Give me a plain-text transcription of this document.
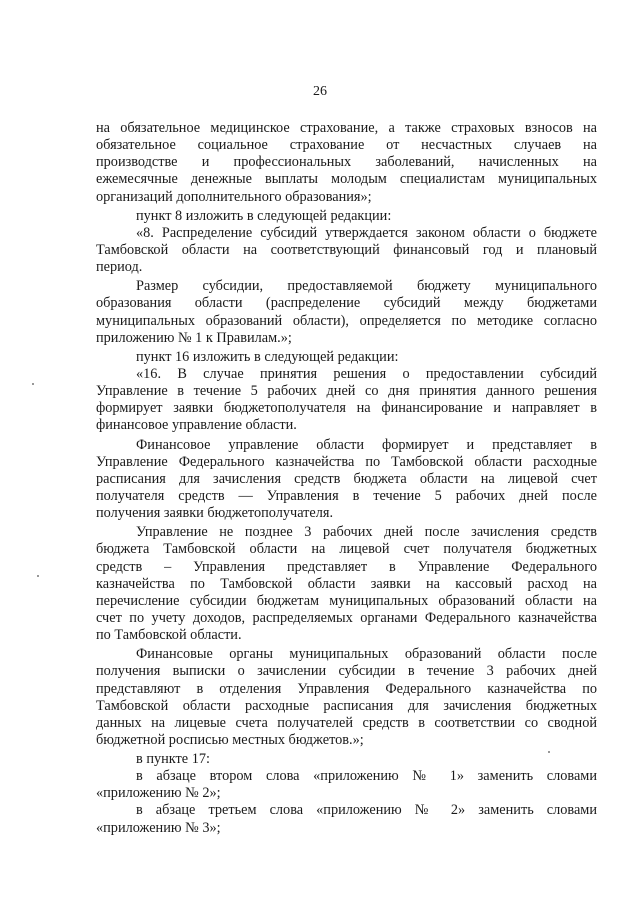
26
на обязательное медицинское страхование, а также страховых взносов на
обязательное социальное страхование от несчастных случаев на
производстве и профессиональных заболеваний, начисленных на
ежемесячные денежные выплаты молодым специалистам муниципальных
организаций дополнительного образования»;
пункт 8 изложить в следующей редакции:
«8. Распределение субсидий утверждается законом области о бюджете
Тамбовской области на соответствующий финансовый год и плановый
период.
Размер субсидии, предоставляемой бюджету муниципального
образования области (распределение субсидий между бюджетами
муниципальных образований области), определяется по методике согласно
приложению № 1 к Правилам.»;
пункт 16 изложить в следующей редакции:
«16. В случае принятия решения о предоставлении субсидий
Управление в течение 5 рабочих дней со дня принятия данного решения
формирует заявки бюджетополучателя на финансирование и направляет в
финансовое управление области.
Финансовое управление области формирует и представляет в
Управление Федерального казначейства по Тамбовской области расходные
расписания для зачисления средств бюджета области на лицевой счет
получателя средств — Управления в течение 5 рабочих дней после
получения заявки бюджетополучателя.
Управление не позднее 3 рабочих дней после зачисления средств
бюджета Тамбовской области на лицевой счет получателя бюджетных
средств – Управления представляет в Управление Федерального
казначейства по Тамбовской области заявки на кассовый расход на
перечисление субсидии бюджетам муниципальных образований области на
счет по учету доходов, распределяемых органами Федерального казначейства
по Тамбовской области.
Финансовые органы муниципальных образований области после
получения выписки о зачислении субсидии в течение 3 рабочих дней
представляют в отделения Управления Федерального казначейства по
Тамбовской области расходные расписания для зачисления бюджетных
данных на лицевые счета получателей средств в соответствии со сводной
бюджетной росписью местных бюджетов.»;
в пункте 17:
в абзаце втором слова «приложению № 1» заменить словами
«приложению № 2»;
в абзаце третьем слова «приложению № 2» заменить словами
«приложению № 3»;
